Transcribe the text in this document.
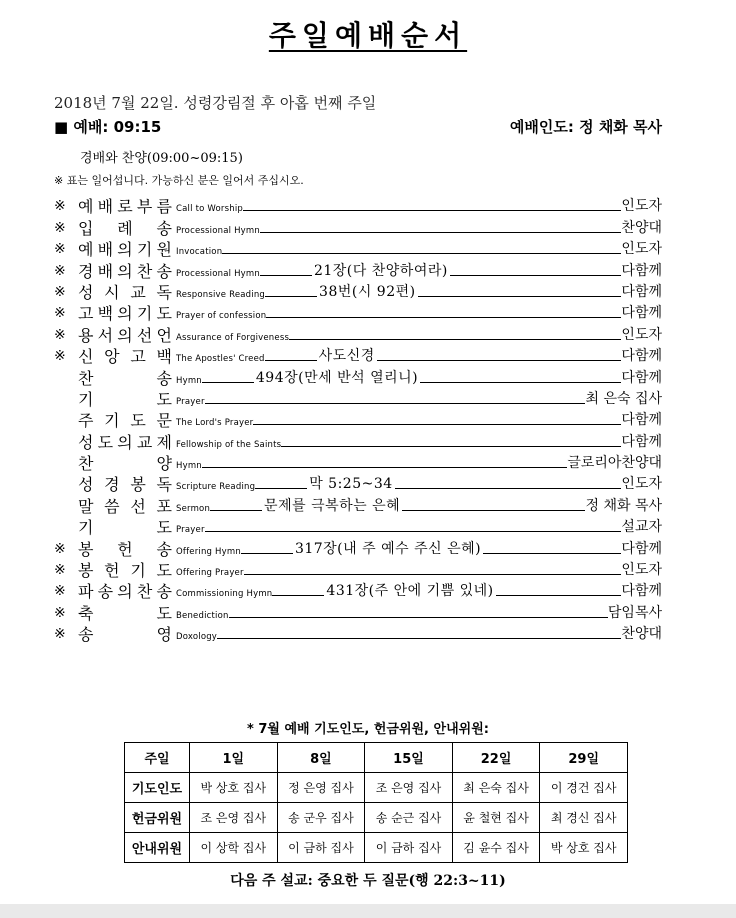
주일예배순서
2018년 7월 22일. 성령강림절 후 아홉 번째 주일
■ 예배: 09:15	예배인도: 정 채화 목사
경배와 찬양(09:00~09:15)
※ 표는 일어섭니다. 가능하신 분은 일어서 주십시오.
※ 예 배 로 부 름 Call to Worship	인도자
※ 입 례 송 Processional Hymn	찬양대
※ 예 배 의 기 원 Invocation	인도자
※ 경 배 의 찬 송 Processional Hymn	21장(다 찬양하여라)	다함께
※ 성 시 교 독 Responsive Reading	38번(시 92편)	다함께
※ 고 백 의 기 도 Prayer of confession	다함께
※ 용 서 의 선 언 Assurance of Forgiveness	인도자
※ 신 앙 고 백 The Apostles' Creed	사도신경	다함께
찬	송 Hymn	494장(만세 반석 열리니)	다함께
기	도 Prayer	최 은숙 집사
주 기 도 문 The Lord's Prayer	다함께
성 도 의 교 제 Fellowship of the Saints	다함께
찬	양 Hymn	글로리아찬양대
성 경 봉 독 Scripture Reading	막 5:25~34	인도자
말 씀 선 포 Sermon	문제를 극복하는 은혜	정 채화 목사
기	도 Prayer	설교자
※ 봉 헌 송 Offering Hymn	317장(내 주 예수 주신 은혜)	다함께
※ 봉 헌 기 도 Offering Prayer	인도자
※ 파 송 의 찬 송 Commissioning Hymn	431장(주 안에 기쁨 있네)	다함께
※ 축	도 Benediction	담임목사
※ 송	영 Doxology	찬양대
* 7월 예배 기도인도, 헌금위원, 안내위원:
주일	1일	8일	15일	22일	29일
기도인도	박 상호 집사	정 은영 집사	조 은영 집사	최 은숙 집사	이 경건 집사
헌금위원	조 은영 집사	송 군우 집사	송 순근 집사	윤 철현 집사	최 경신 집사
안내위원	이 상학 집사	이 금하 집사	이 금하 집사	김 윤수 집사	박 상호 집사
다음 주 설교: 중요한 두 질문(행 22:3~11)
